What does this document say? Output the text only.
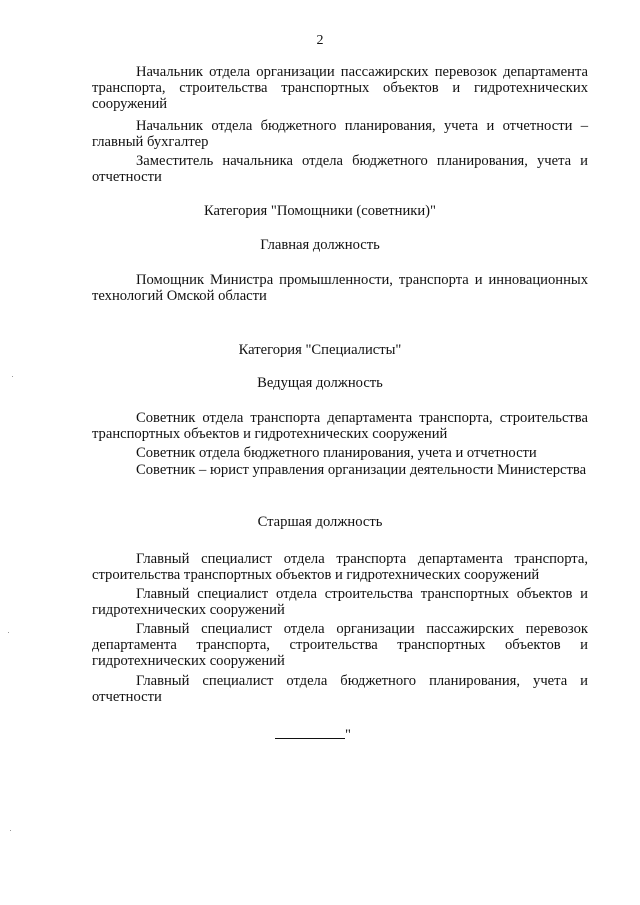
2
Начальник отдела организации пассажирских перевозок департамента транспорта, строительства транспортных объектов и гидротехнических сооружений
Начальник отдела бюджетного планирования, учета и отчетности – главный бухгалтер
Заместитель начальника отдела бюджетного планирования, учета и отчетности
Категория "Помощники (советники)"
Главная должность
Помощник Министра промышленности, транспорта и инновационных технологий Омской области
Категория "Специалисты"
Ведущая должность
Советник отдела транспорта департамента транспорта, строительства транспортных объектов и гидротехнических сооружений
Советник отдела бюджетного планирования, учета и отчетности
Советник – юрист управления организации деятельности Министерства
Старшая должность
Главный специалист отдела транспорта департамента транспорта, строительства транспортных объектов и гидротехнических сооружений
Главный специалист отдела строительства транспортных объектов и гидротехнических сооружений
Главный специалист отдела организации пассажирских перевозок департамента транспорта, строительства транспортных объектов и гидротехнических сооружений
Главный специалист отдела бюджетного планирования, учета и отчетности
"
